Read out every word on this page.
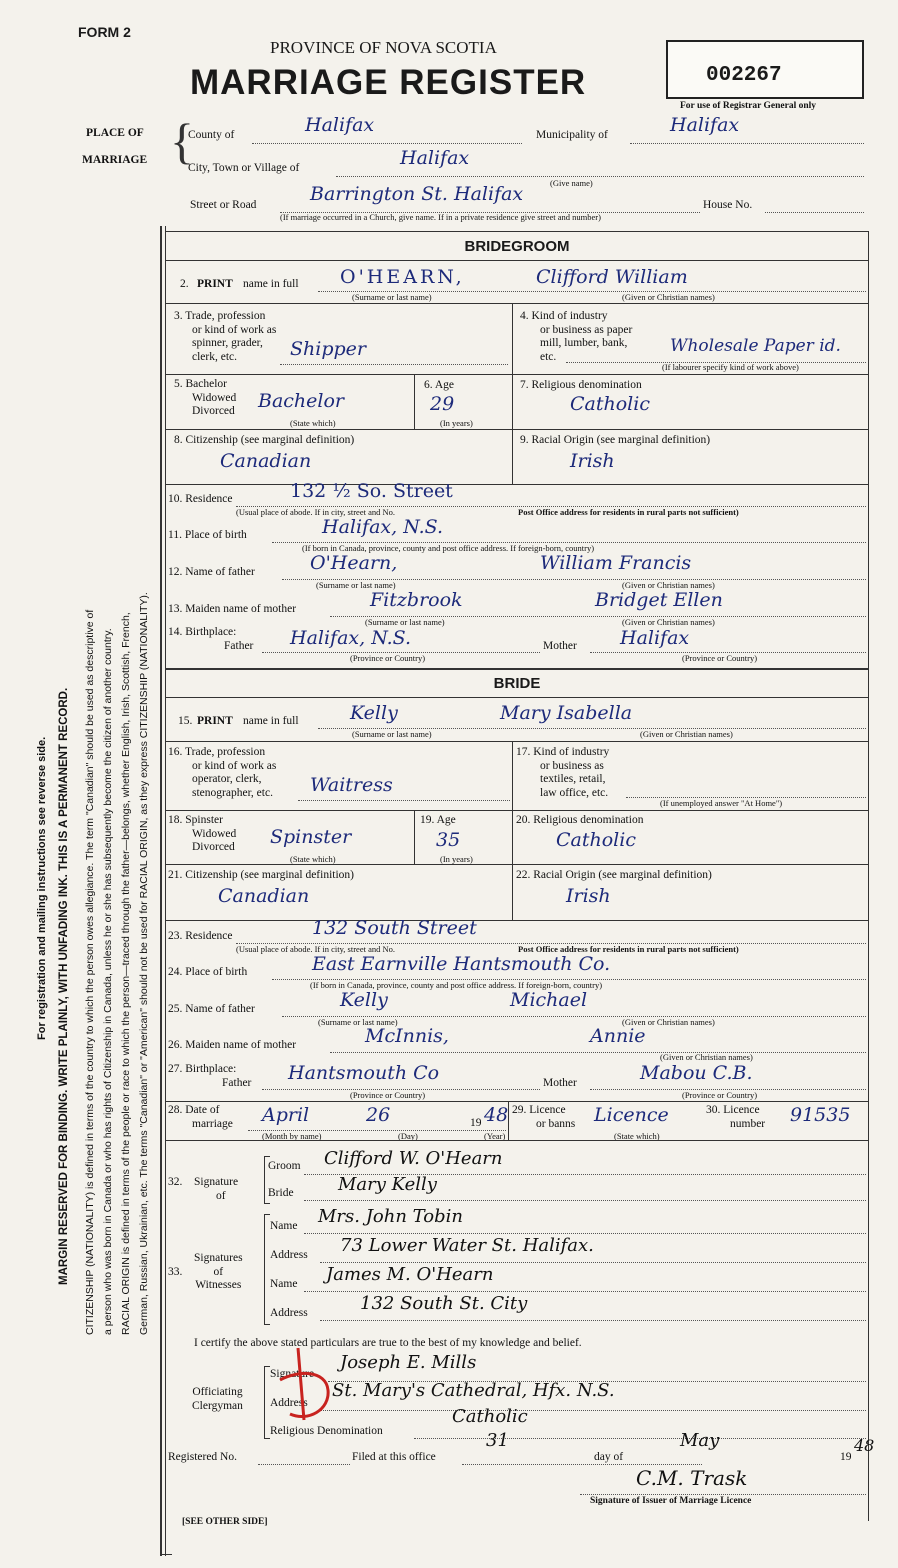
FORM 2
PROVINCE OF NOVA SCOTIA
MARRIAGE REGISTER	002267
For use of Registrar General only
For registration and mailing instructions see reverse side. MARGIN RESERVED FOR BINDING. WRITE PLAINLY, WITH UNFADING INK. THIS IS A PERMANENT RECORD. CITIZENSHIP (NATIONALITY) is defined in terms of the country to which the person owes allegiance. The term "Canadian" should be used as descriptive of a person who was born in Canada or who has rights of Citizenship in Canada, unless he or she has subsequently become the citizen of another country. RACIAL ORIGIN is defined in terms of the people or race to which the person—traced through the father—belongs, whether English, Irish, Scottish, French, German, Russian, Ukrainian, etc. The terms "Canadian" or "American" should not be used for RACIAL ORIGIN, as they express CITIZENSHIP (NATIONALITY).
PLACE OF
MARRIAGE {
County of	Halifax	Municipality of	Halifax
City, Town or Village of	Halifax
(Give name)
Street or Road	Barrington St. Halifax	House No.
(If marriage occurred in a Church, give name. If in a private residence give street and number)
BRIDEGROOM
2. PRINT name in full O'HEARN,	Clifford William
(Surname or last name)	(Given or Christian names)
3. Trade, profession
or kind of work as
spinner, grader,
clerk, etc.	Shipper
4. Kind of industry
or business as paper
mill, lumber, bank,
etc.
Wholesale Paper id.
(If labourer specify kind of work above)
5. Bachelor
Widowed
Divorced Bachelor
(State which)
6. Age
29
(In years)
7. Religious denomination
Catholic
8. Citizenship (see marginal definition)
Canadian
9. Racial Origin (see marginal definition)
Irish
10. Residence	132 ½ So. Street
(Usual place of abode. If in city, street and No.	Post Office address for residents in rural parts not sufficient)
11. Place of birth	Halifax, N.S.
(If born in Canada, province, county and post office address. If foreign-born, country)
12. Name of father	O'Hearn,	William Francis
(Surname or last name)	(Given or Christian names)
13. Maiden name of mother	Fitzbrook	Bridget Ellen
(Surname or last name)	(Given or Christian names)
14. Birthplace:
Father Halifax, N.S.	Mother Halifax
(Province or Country)	(Province or Country)
BRIDE
15. PRINT name in full	Kelly	Mary Isabella
(Surname or last name)	(Given or Christian names)
16. Trade, profession
or kind of work as
operator, clerk,
stenographer, etc. Waitress
17. Kind of industry
or business as
textiles, retail,
law office, etc.
(If unemployed answer "At Home")
18. Spinster
Widowed
Divorced Spinster
(State which)
19. Age
35
(In years)
20. Religious denomination
Catholic
21. Citizenship (see marginal definition)
Canadian
22. Racial Origin (see marginal definition)
Irish
23. Residence	132 South Street
(Usual place of abode. If in city, street and No.	Post Office address for residents in rural parts not sufficient)
24. Place of birth	East Earnville Hantsmouth Co.
(If born in Canada, province, county and post office address. If foreign-born, country)
25. Name of father	Kelly	Michael
(Surname or last name)	(Given or Christian names)
26. Maiden name of mother	McInnis,	Annie
(Given or Christian names)
27. Birthplace:
Father Hantsmouth Co	Mother	Mabou C.B.
(Province or Country)	(Province or Country)
28. Date of
marriage April	26	19 48
(Month by name)	(Day)	(Year)
29. Licence
or banns Licence
(State which)
30. Licence
number 91535
32. Signature
of
Groom Clifford W. O'Hearn
Bride Mary Kelly
33.
Signatures
of
Witnesses
Name Mrs. John Tobin
Address 73 Lower Water St. Halifax.
Name James M. O'Hearn
Address	132 South St. City
I certify the above stated particulars are true to the best of my knowledge and belief.
Officiating
Clergyman
Signature
Joseph E. Mills
Address
St. Mary's Cathedral, Hfx. N.S.
Religious Denomination
Catholic
Registered No.	Filed at this office
31
day of
May
19
48
C.M. Trask
Signature of Issuer of Marriage Licence
[SEE OTHER SIDE]
